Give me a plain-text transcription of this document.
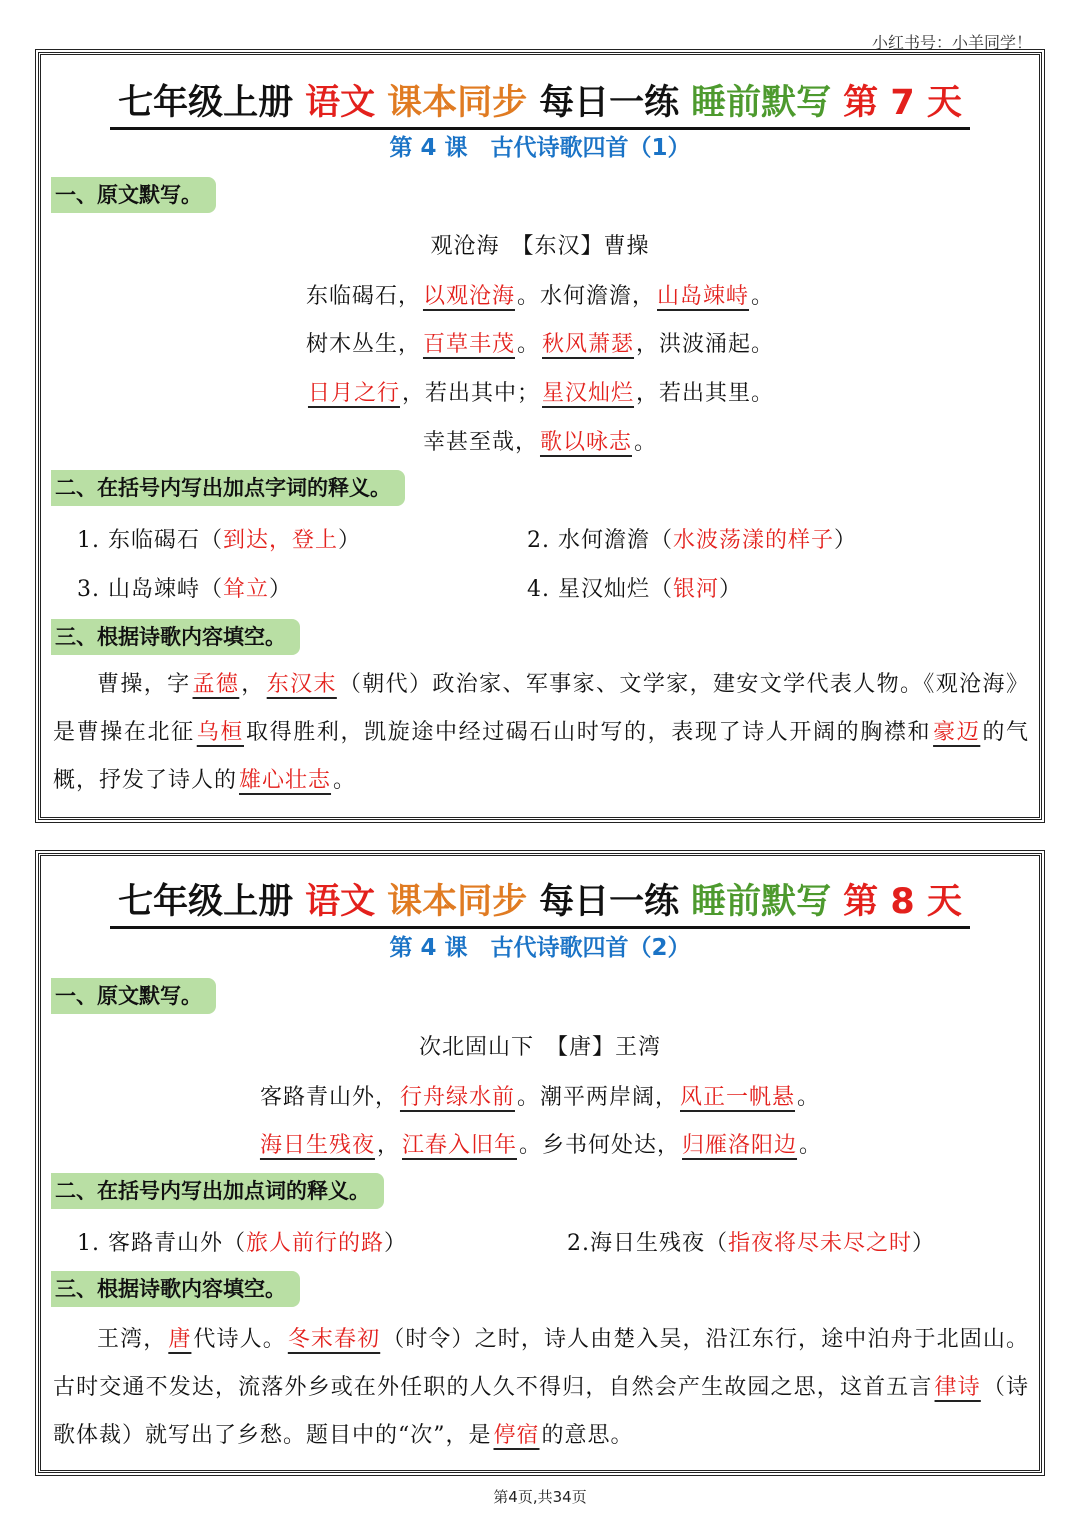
小红书号：小羊同学！
七年级上册 语文 课本同步 每日一练 睡前默写 第 7 天
第 4 课　古代诗歌四首（1）
一、原文默写。
观沧海　【东汉】曹操
东临碣石，以观沧海。水何澹澹，山岛竦峙。
树木丛生，百草丰茂。秋风萧瑟，洪波涌起。
日月之行，若出其中；星汉灿烂，若出其里。
幸甚至哉，歌以咏志。
二、在括号内写出加点字词的释义。
1. 东临碣石（到达，登上）	2. 水何澹澹（水波荡漾的样子）
3. 山岛竦峙（耸立）	4. 星汉灿烂（银河）
三、根据诗歌内容填空。
曹操，字孟德，东汉末（朝代）政治家、军事家、文学家，建安文学代表人物。《观沧海》是曹操在北征乌桓取得胜利，凯旋途中经过碣石山时写的，表现了诗人开阔的胸襟和豪迈的气概，抒发了诗人的雄心壮志。
七年级上册 语文 课本同步 每日一练 睡前默写 第 8 天
第 4 课　古代诗歌四首（2）
一、原文默写。
次北固山下　【唐】王湾
客路青山外，行舟绿水前。潮平两岸阔，风正一帆悬。
海日生残夜，江春入旧年。乡书何处达，归雁洛阳边。
二、在括号内写出加点词的释义。
1. 客路青山外（旅人前行的路）	2.海日生残夜（指夜将尽未尽之时）
三、根据诗歌内容填空。
王湾，唐代诗人。冬末春初（时令）之时，诗人由楚入吴，沿江东行，途中泊舟于北固山。古时交通不发达，流落外乡或在外任职的人久不得归，自然会产生故园之思，这首五言律诗（诗歌体裁）就写出了乡愁。题目中的“次”，是停宿的意思。
第4页,共34页
